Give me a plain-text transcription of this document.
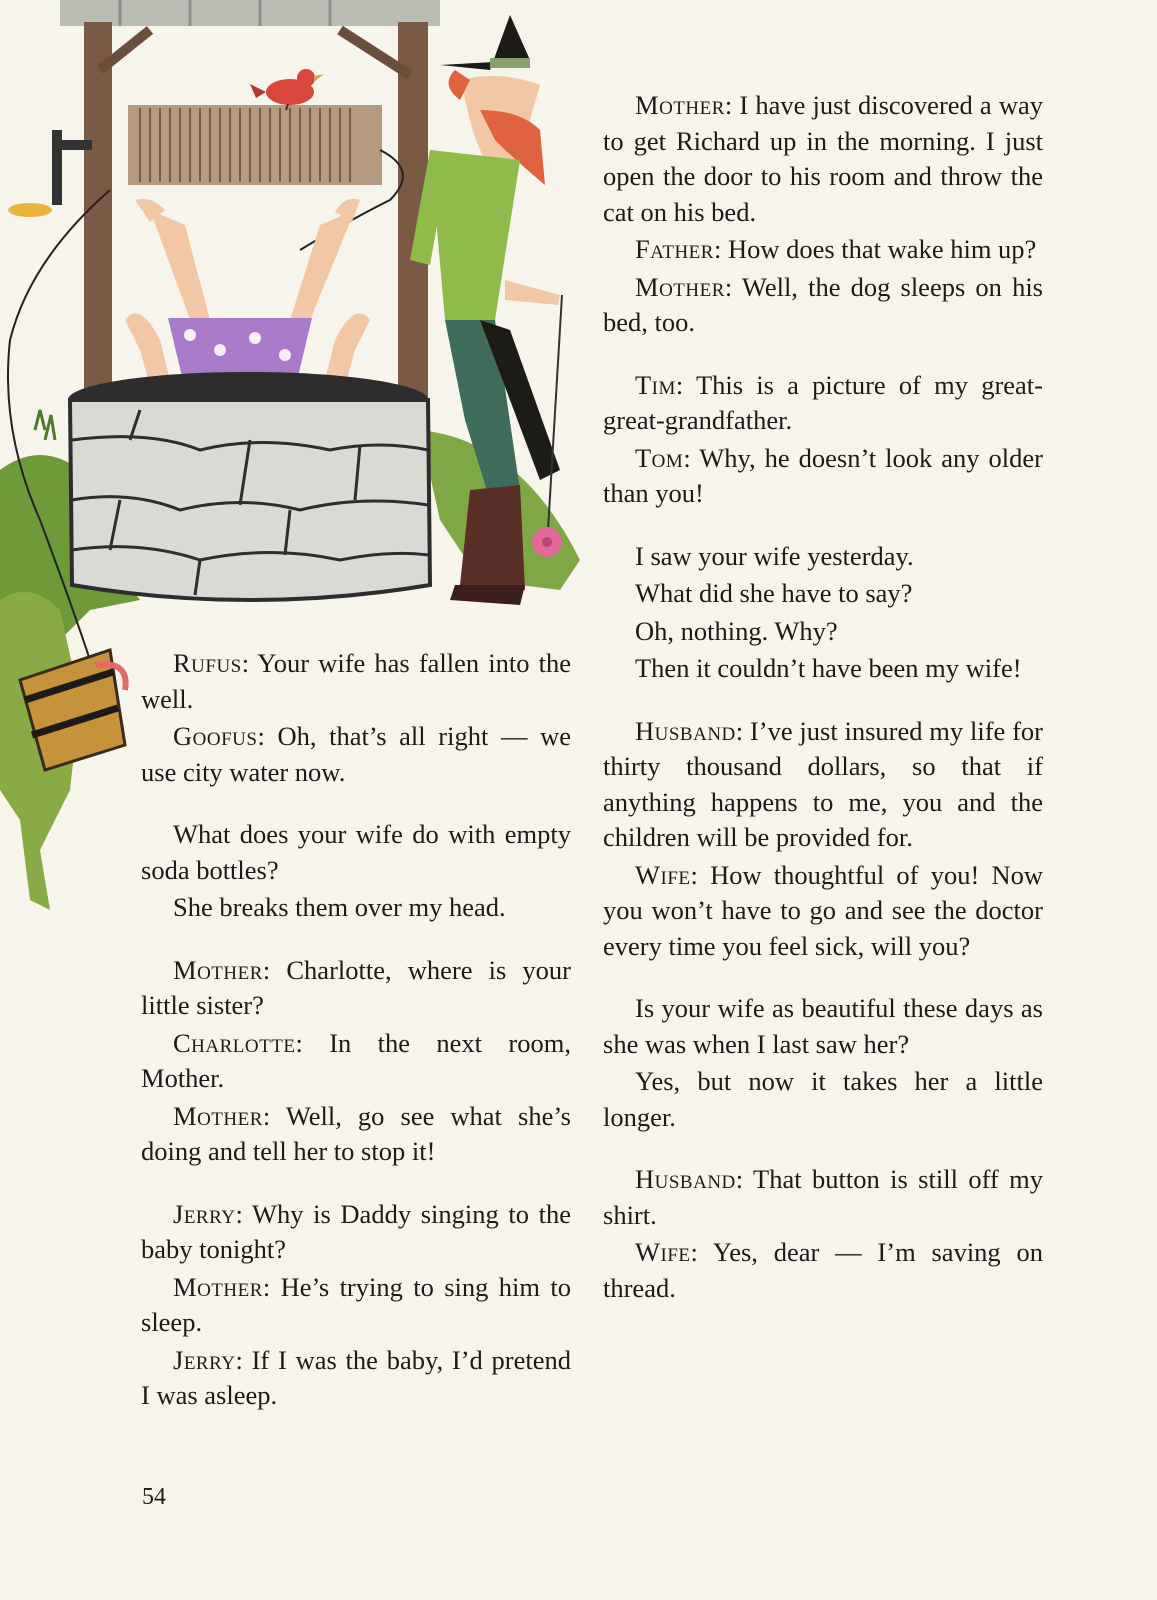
Rufus: Your wife has fallen into the well.

Goofus: Oh, that’s all right — we use city water now.

What does your wife do with empty soda bottles?

She breaks them over my head.

Mother: Charlotte, where is your little sister?

Charlotte: In the next room, Mother.

Mother: Well, go see what she’s doing and tell her to stop it!

Jerry: Why is Daddy singing to the baby tonight?

Mother: He’s trying to sing him to sleep.

Jerry: If I was the baby, I’d pretend I was asleep.

Mother: I have just discovered a way to get Richard up in the morning. I just open the door to his room and throw the cat on his bed.

Father: How does that wake him up?

Mother: Well, the dog sleeps on his bed, too.

Tim: This is a picture of my great-great-grandfather.

Tom: Why, he doesn’t look any older than you!

I saw your wife yesterday.

What did she have to say?

Oh, nothing. Why?

Then it couldn’t have been my wife!

Husband: I’ve just insured my life for thirty thousand dollars, so that if anything happens to me, you and the children will be provided for.

Wife: How thoughtful of you! Now you won’t have to go and see the doctor every time you feel sick, will you?

Is your wife as beautiful these days as she was when I last saw her?

Yes, but now it takes her a little longer.

Husband: That button is still off my shirt.

Wife: Yes, dear — I’m saving on thread.

54
